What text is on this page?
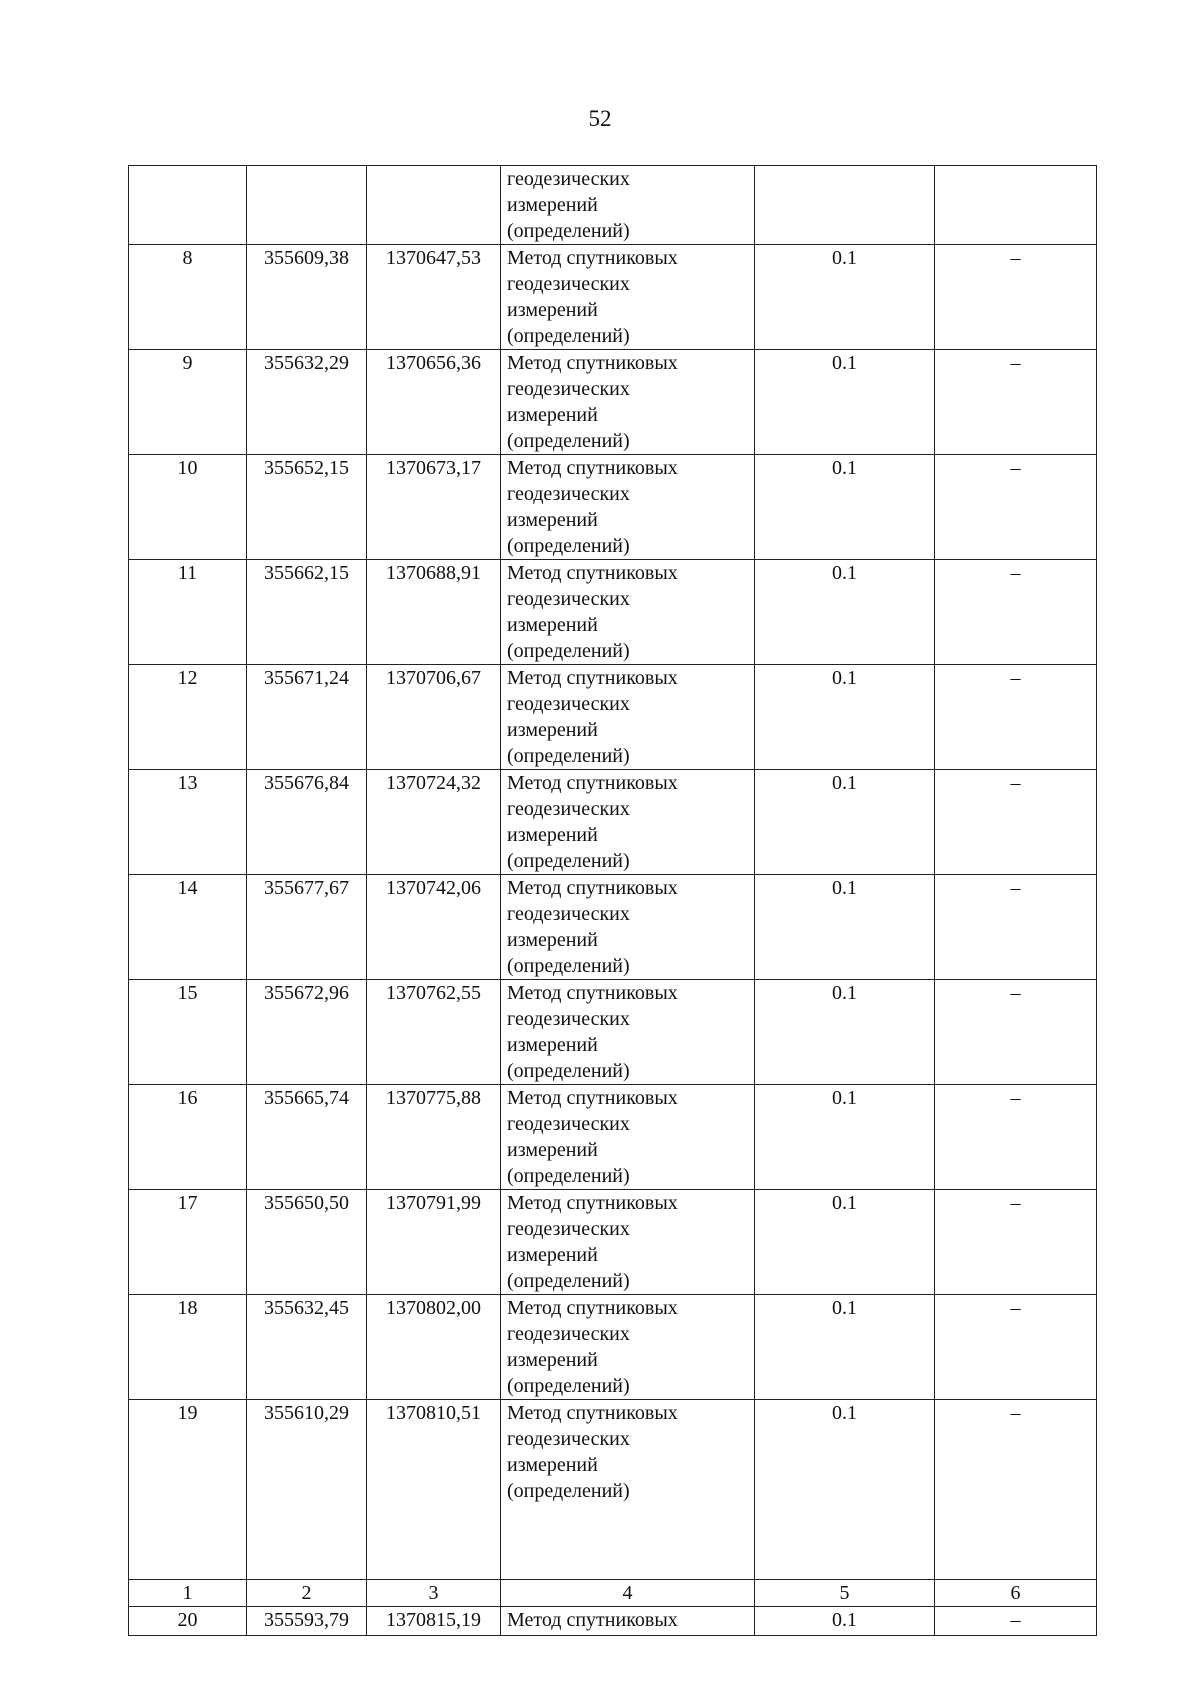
52

			геодезических
измерений
(определений)		

8	355609,38	1370647,53	Метод спутниковых
геодезических
измерений
(определений)	0.1	–
9	355632,29	1370656,36	Метод спутниковых
геодезических
измерений
(определений)	0.1	–
10	355652,15	1370673,17	Метод спутниковых
геодезических
измерений
(определений)	0.1	–
11	355662,15	1370688,91	Метод спутниковых
геодезических
измерений
(определений)	0.1	–
12	355671,24	1370706,67	Метод спутниковых
геодезических
измерений
(определений)	0.1	–
13	355676,84	1370724,32	Метод спутниковых
геодезических
измерений
(определений)	0.1	–
14	355677,67	1370742,06	Метод спутниковых
геодезических
измерений
(определений)	0.1	–
15	355672,96	1370762,55	Метод спутниковых
геодезических
измерений
(определений)	0.1	–
16	355665,74	1370775,88	Метод спутниковых
геодезических
измерений
(определений)	0.1	–
17	355650,50	1370791,99	Метод спутниковых
геодезических
измерений
(определений)	0.1	–
18	355632,45	1370802,00	Метод спутниковых
геодезических
измерений
(определений)	0.1	–
19	355610,29	1370810,51	Метод спутниковых
геодезических
измерений
(определений)	0.1	–
1	2	3	4	5	6
20	355593,79	1370815,19	Метод спутниковых	0.1	–
